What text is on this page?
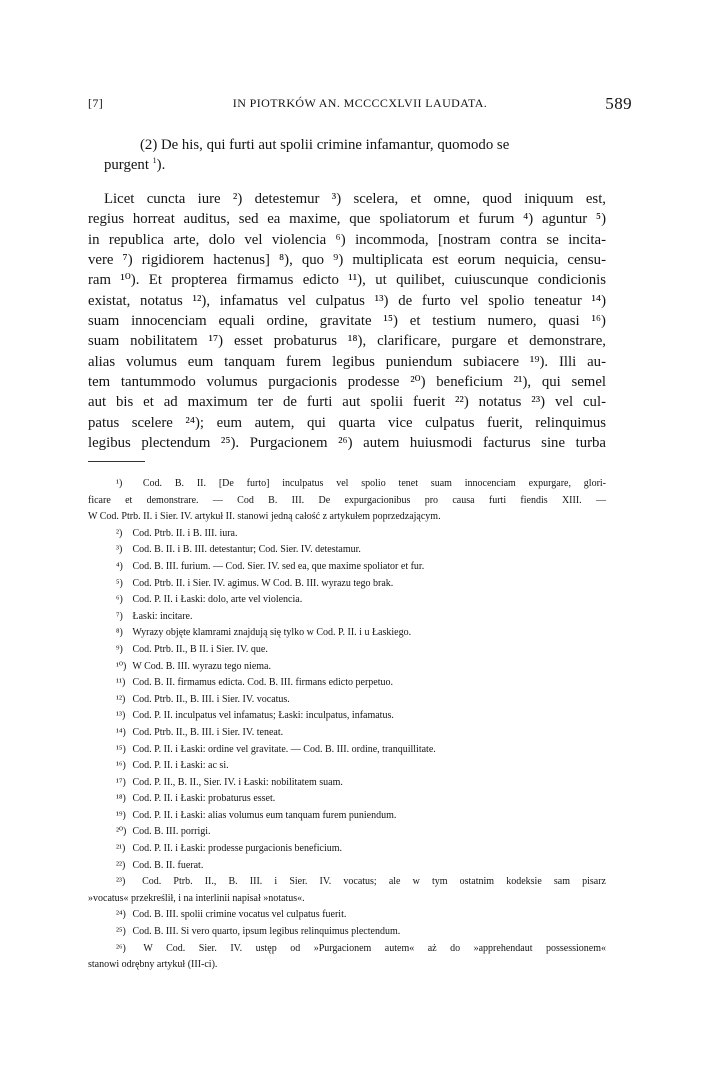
[7]	IN PIOTRKÓW AN. MCCCCXLVII LAUDATA.	589

(2) De his, qui furti aut spolii crimine infamantur, quomodo se
purgent $^1$).

Licet cuncta iure ²) detestemur ³) scelera, et omne, quod iniquum est,
regius horreat auditus, sed ea maxime, que spoliatorum et furum ⁴) aguntur ⁵)
in republica arte, dolo vel violencia ⁶) incommoda, [nostram contra se incita-
vere ⁷) rigidiorem hactenus] ⁸), quo ⁹) multiplicata est eorum nequicia, censu-
ram ¹⁰). Et propterea firmamus edicto ¹¹), ut quilibet, cuiuscunque condicionis
existat, notatus ¹²), infamatus vel culpatus ¹³) de furto vel spolio teneatur ¹⁴)
suam innocenciam equali ordine, gravitate ¹⁵) et testium numero, quasi ¹⁶)
suam nobilitatem ¹⁷) esset probaturus ¹⁸), clarificare, purgare et demonstrare,
alias volumus eum tanquam furem legibus puniendum subiacere ¹⁹). Illi au-
tem tantummodo volumus purgacionis prodesse ²⁰) beneficium ²¹), qui semel
aut bis et ad maximum ter de furti aut spolii fuerit ²²) notatus ²³) vel cul-
patus scelere ²⁴); eum autem, qui quarta vice culpatus fuerit, relinquimus
legibus plectendum ²⁵). Purgacionem ²⁶) autem huiusmodi facturus sine turba
¹) Cod. B. II. [De furto] inculpatus vel spolio tenet suam innocenciam expurgare, glori-
ficare et demonstrare. — Cod B. III. De expurgacionibus pro causa furti fiendis XIII. —
W Cod. Ptrb. II. i Sier. IV. artykuł II. stanowi jedną całość z artykułem poprzedzającym.
²) Cod. Ptrb. II. i B. III. iura.
³) Cod. B. II. i B. III. detestantur; Cod. Sier. IV. detestamur.
⁴) Cod. B. III. furium. — Cod. Sier. IV. sed ea, que maxime spoliator et fur.
⁵) Cod. Ptrb. II. i Sier. IV. agimus. W Cod. B. III. wyrazu tego brak.
⁶) Cod. P. II. i Łaski: dolo, arte vel violencia.
⁷) Łaski: incitare.
⁸) Wyrazy objęte klamrami znajdują się tylko w Cod. P. II. i u Łaskiego.
⁹) Cod. Ptrb. II., B II. i Sier. IV. que.
¹⁰) W Cod. B. III. wyrazu tego niema.
¹¹) Cod. B. II. firmamus edicta. Cod. B. III. firmans edicto perpetuo.
¹²) Cod. Ptrb. II., B. III. i Sier. IV. vocatus.
¹³) Cod. P. II. inculpatus vel infamatus; Łaski: inculpatus, infamatus.
¹⁴) Cod. Ptrb. II., B. III. i Sier. IV. teneat.
¹⁵) Cod. P. II. i Łaski: ordine vel gravitate. — Cod. B. III. ordine, tranquillitate.
¹⁶) Cod. P. II. i Łaski: ac si.
¹⁷) Cod. P. II., B. II., Sier. IV. i Łaski: nobilitatem suam.
¹⁸) Cod. P. II. i Łaski: probaturus esset.
¹⁹) Cod. P. II. i Łaski: alias volumus eum tanquam furem puniendum.
²⁰) Cod. B. III. porrigi.
²¹) Cod. P. II. i Łaski: prodesse purgacionis beneficium.
²²) Cod. B. II. fuerat.
²³) Cod. Ptrb. II., B. III. i Sier. IV. vocatus; ale w tym ostatnim kodeksie sam pisarz
»vocatus« przekreślił, i na interlinii napisał »notatus«.
²⁴) Cod. B. III. spolii crimine vocatus vel culpatus fuerit.
²⁵) Cod. B. III. Si vero quarto, ipsum legibus relinquimus plectendum.
²⁶) W Cod. Sier. IV. ustęp od »Purgacionem autem« aż do »apprehendaut possessionem«
stanowi odrębny artykuł (III-ci).
